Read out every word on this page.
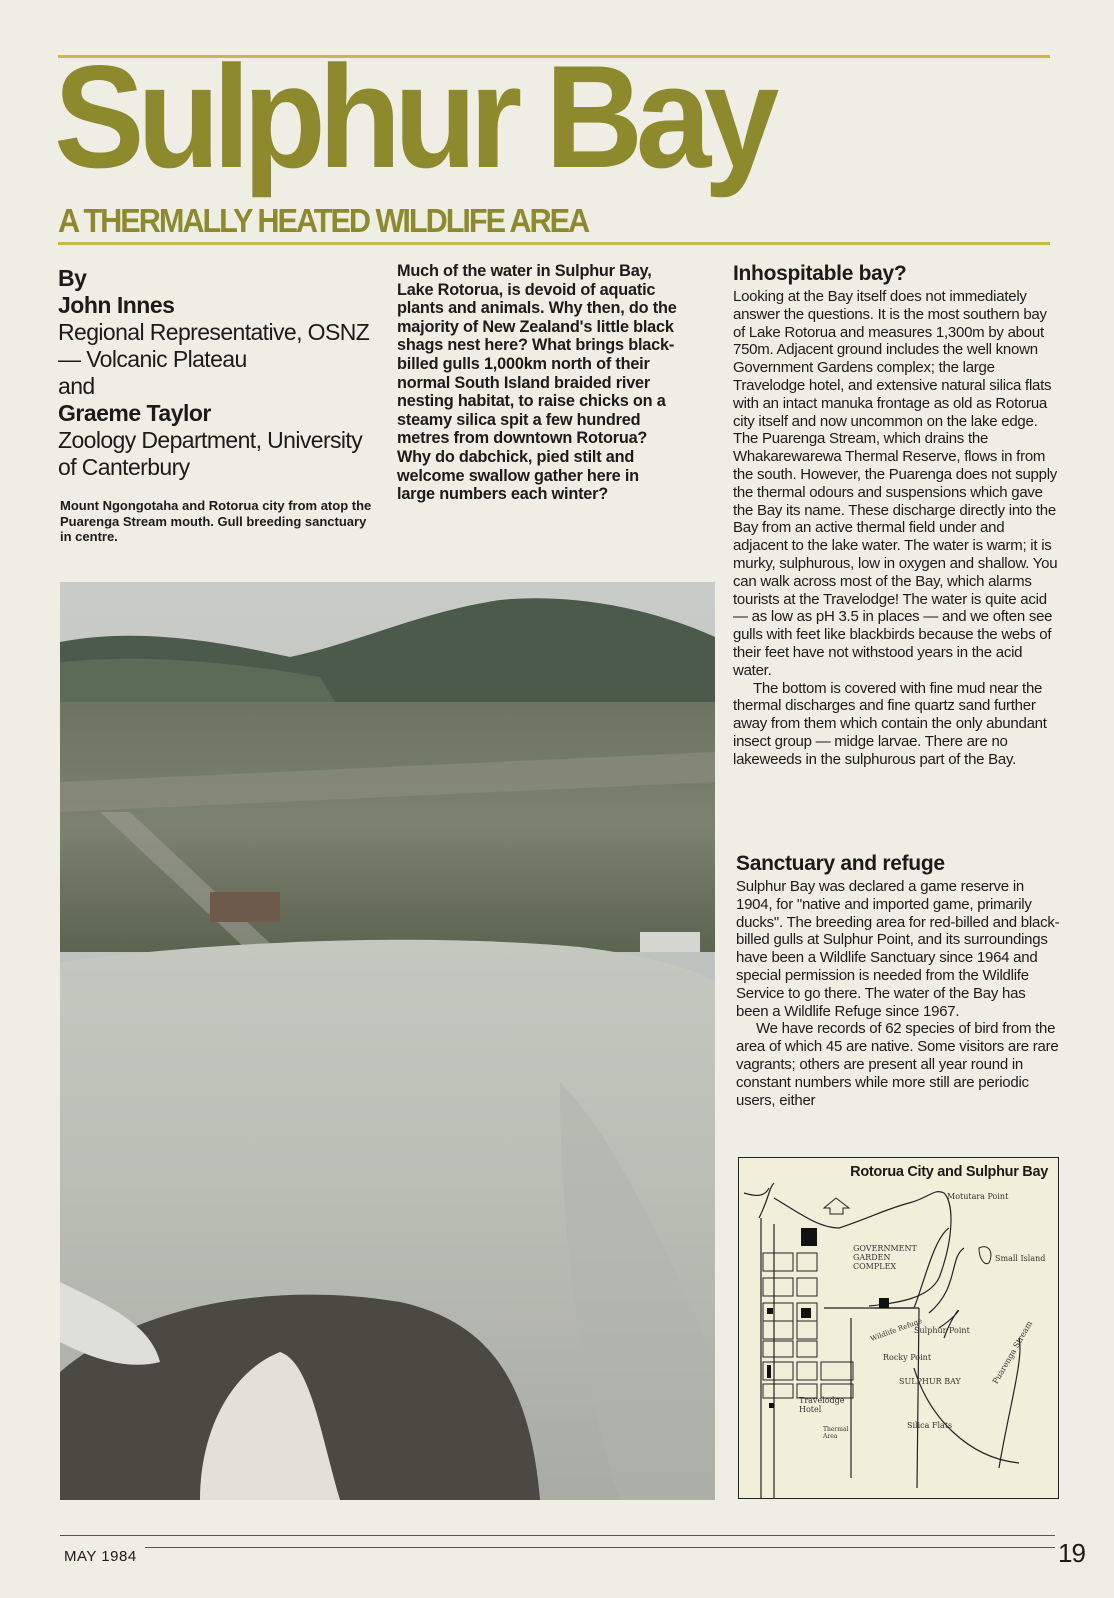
Sulphur Bay
A THERMALLY HEATED WILDLIFE AREA
By
John Innes
Regional Representative, OSNZ — Volcanic Plateau
and
Graeme Taylor
Zoology Department, University of Canterbury
Mount Ngongotaha and Rotorua city from atop the Puarenga Stream mouth. Gull breeding sanctuary in centre.
Much of the water in Sulphur Bay, Lake Rotorua, is devoid of aquatic plants and animals. Why then, do the majority of New Zealand's little black shags nest here? What brings black-billed gulls 1,000km north of their normal South Island braided river nesting habitat, to raise chicks on a steamy silica spit a few hundred metres from downtown Rotorua? Why do dabchick, pied stilt and welcome swallow gather here in large numbers each winter?
Inhospitable bay?

Looking at the Bay itself does not immediately answer the questions. It is the most southern bay of Lake Rotorua and measures 1,300m by about 750m. Adjacent ground includes the well known Government Gardens complex; the large Travelodge hotel, and extensive natural silica flats with an intact manuka frontage as old as Rotorua city itself and now uncommon on the lake edge. The Puarenga Stream, which drains the Whakarewarewa Thermal Reserve, flows in from the south. However, the Puarenga does not supply the thermal odours and suspensions which gave the Bay its name. These discharge directly into the Bay from an active thermal field under and adjacent to the lake water. The water is warm; it is murky, sulphurous, low in oxygen and shallow. You can walk across most of the Bay, which alarms tourists at the Travelodge! The water is quite acid — as low as pH 3.5 in places — and we often see gulls with feet like blackbirds because the webs of their feet have not withstood years in the acid water.

The bottom is covered with fine mud near the thermal discharges and fine quartz sand further away from them which contain the only abundant insect group — midge larvae. There are no lakeweeds in the sulphurous part of the Bay.

Sanctuary and refuge

Sulphur Bay was declared a game reserve in 1904, for "native and imported game, primarily ducks". The breeding area for red-billed and black-billed gulls at Sulphur Point, and its surroundings have been a Wildlife Sanctuary since 1964 and special permission is needed from the Wildlife Service to go there. The water of the Bay has been a Wildlife Refuge since 1967.

We have records of 62 species of bird from the area of which 45 are native. Some visitors are rare vagrants; others are present all year round in constant numbers while more still are periodic users, either

Rotorua City and Sulphur Bay
Motutara Point
GOVERNMENT
GARDEN
COMPLEX
Small Island
Wildlife Refuge
Sulphur Point
Rocky Point
SULPHUR BAY	Puarenga Stream
Travelodge
Hotel
Thermal
Area
Silica Flats
MAY 1984	19
